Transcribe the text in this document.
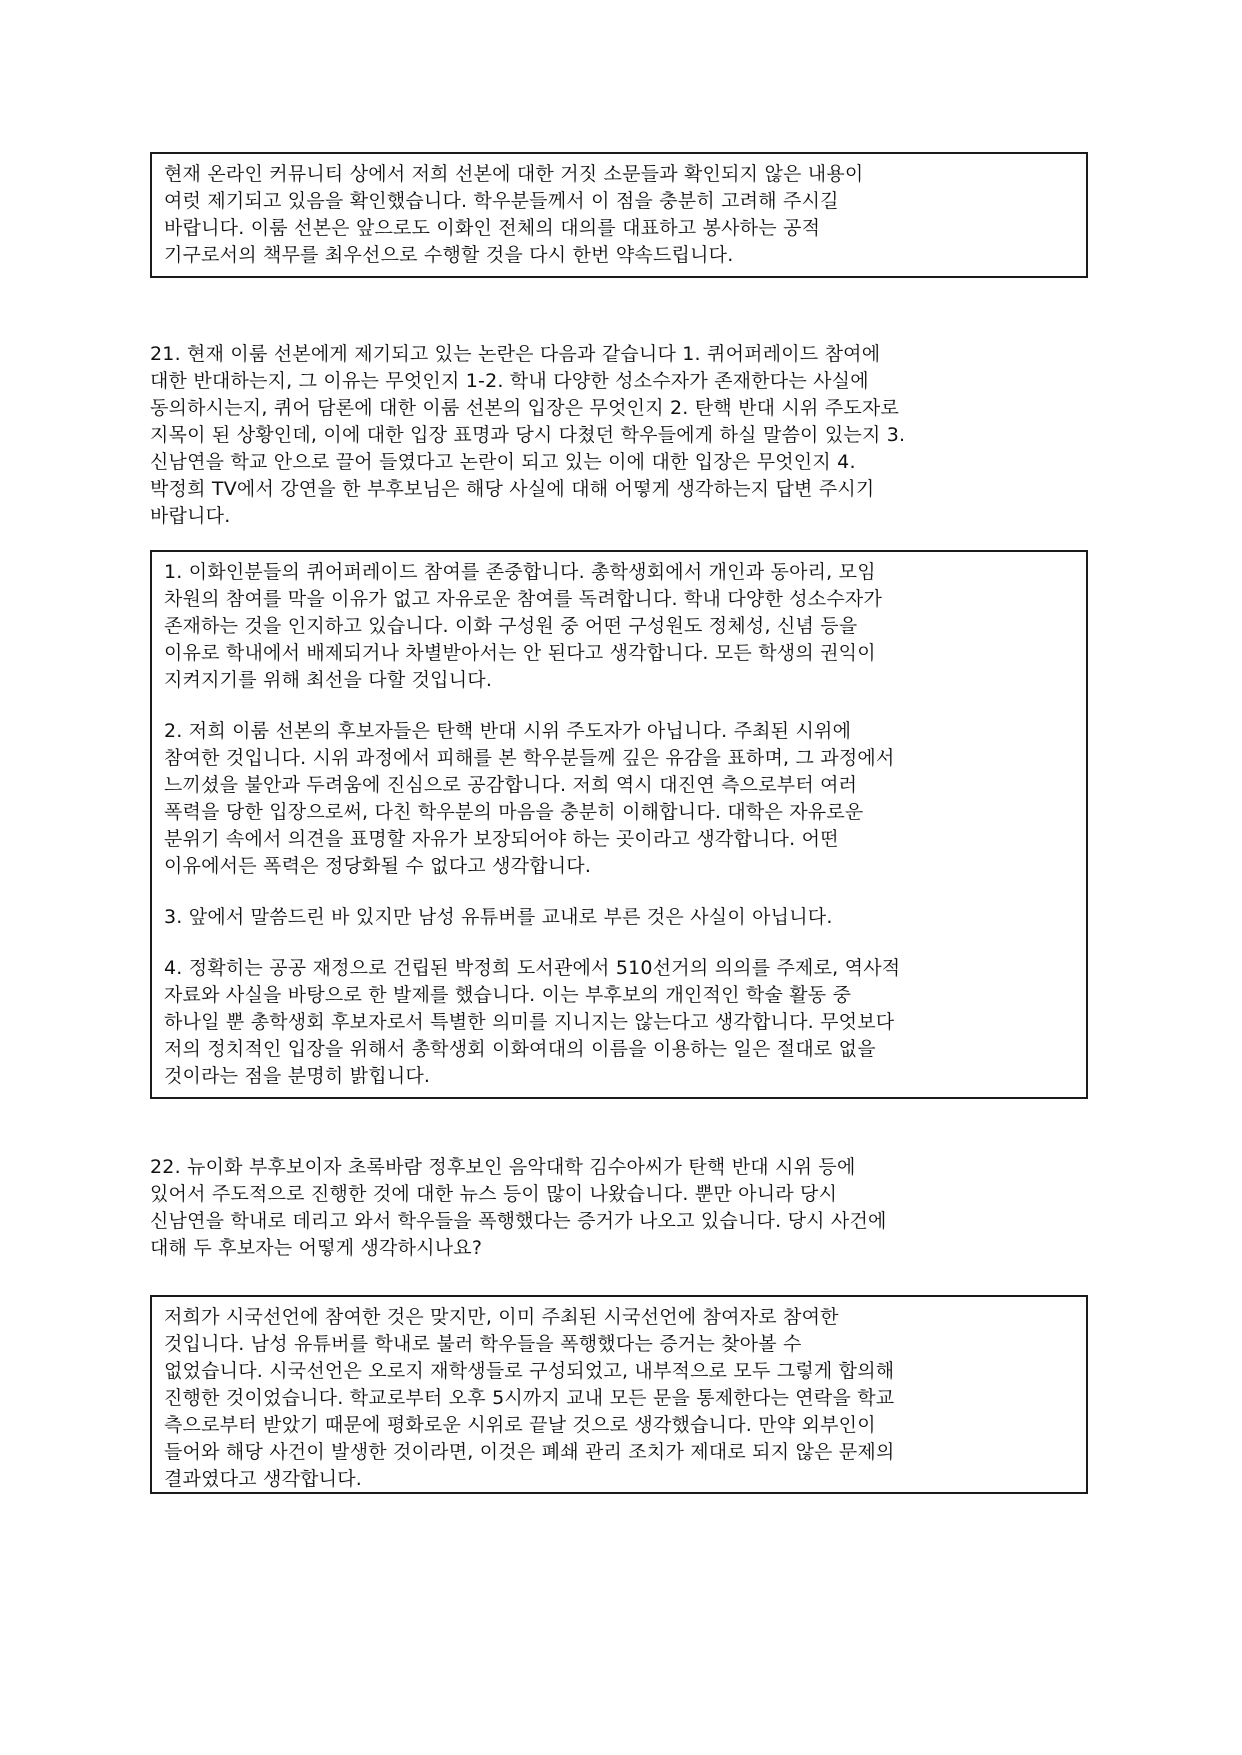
현재 온라인 커뮤니티 상에서 저희 선본에 대한 거짓 소문들과 확인되지 않은 내용이
여럿 제기되고 있음을 확인했습니다. 학우분들께서 이 점을 충분히 고려해 주시길
바랍니다. 이룸 선본은 앞으로도 이화인 전체의 대의를 대표하고 봉사하는 공적
기구로서의 책무를 최우선으로 수행할 것을 다시 한번 약속드립니다.
21. 현재 이룸 선본에게 제기되고 있는 논란은 다음과 같습니다 1. 퀴어퍼레이드 참여에
대한 반대하는지, 그 이유는 무엇인지 1-2. 학내 다양한 성소수자가 존재한다는 사실에
동의하시는지, 퀴어 담론에 대한 이룸 선본의 입장은 무엇인지 2. 탄핵 반대 시위 주도자로
지목이 된 상황인데, 이에 대한 입장 표명과 당시 다쳤던 학우들에게 하실 말씀이 있는지 3.
신남연을 학교 안으로 끌어 들였다고 논란이 되고 있는 이에 대한 입장은 무엇인지 4.
박정희 TV에서 강연을 한 부후보님은 해당 사실에 대해 어떻게 생각하는지 답변 주시기
바랍니다.
1. 이화인분들의 퀴어퍼레이드 참여를 존중합니다. 총학생회에서 개인과 동아리, 모임
차원의 참여를 막을 이유가 없고 자유로운 참여를 독려합니다. 학내 다양한 성소수자가
존재하는 것을 인지하고 있습니다. 이화 구성원 중 어떤 구성원도 정체성, 신념 등을
이유로 학내에서 배제되거나 차별받아서는 안 된다고 생각합니다. 모든 학생의 권익이
지켜지기를 위해 최선을 다할 것입니다.
2. 저희 이룸 선본의 후보자들은 탄핵 반대 시위 주도자가 아닙니다. 주최된 시위에
참여한 것입니다. 시위 과정에서 피해를 본 학우분들께 깊은 유감을 표하며, 그 과정에서
느끼셨을 불안과 두려움에 진심으로 공감합니다. 저희 역시 대진연 측으로부터 여러
폭력을 당한 입장으로써, 다친 학우분의 마음을 충분히 이해합니다. 대학은 자유로운
분위기 속에서 의견을 표명할 자유가 보장되어야 하는 곳이라고 생각합니다. 어떤
이유에서든 폭력은 정당화될 수 없다고 생각합니다.
3. 앞에서 말씀드린 바 있지만 남성 유튜버를 교내로 부른 것은 사실이 아닙니다.
4. 정확히는 공공 재정으로 건립된 박정희 도서관에서 510선거의 의의를 주제로, 역사적
자료와 사실을 바탕으로 한 발제를 했습니다. 이는 부후보의 개인적인 학술 활동 중
하나일 뿐 총학생회 후보자로서 특별한 의미를 지니지는 않는다고 생각합니다. 무엇보다
저의 정치적인 입장을 위해서 총학생회 이화여대의 이름을 이용하는 일은 절대로 없을
것이라는 점을 분명히 밝힙니다.
22. 뉴이화 부후보이자 초록바람 정후보인 음악대학 김수아씨가 탄핵 반대 시위 등에
있어서 주도적으로 진행한 것에 대한 뉴스 등이 많이 나왔습니다. 뿐만 아니라 당시
신남연을 학내로 데리고 와서 학우들을 폭행했다는 증거가 나오고 있습니다. 당시 사건에
대해 두 후보자는 어떻게 생각하시나요?
저희가 시국선언에 참여한 것은 맞지만, 이미 주최된 시국선언에 참여자로 참여한
것입니다. 남성 유튜버를 학내로 불러 학우들을 폭행했다는 증거는 찾아볼 수
없었습니다. 시국선언은 오로지 재학생들로 구성되었고, 내부적으로 모두 그렇게 합의해
진행한 것이었습니다. 학교로부터 오후 5시까지 교내 모든 문을 통제한다는 연락을 학교
측으로부터 받았기 때문에 평화로운 시위로 끝날 것으로 생각했습니다. 만약 외부인이
들어와 해당 사건이 발생한 것이라면, 이것은 폐쇄 관리 조치가 제대로 되지 않은 문제의
결과였다고 생각합니다.
